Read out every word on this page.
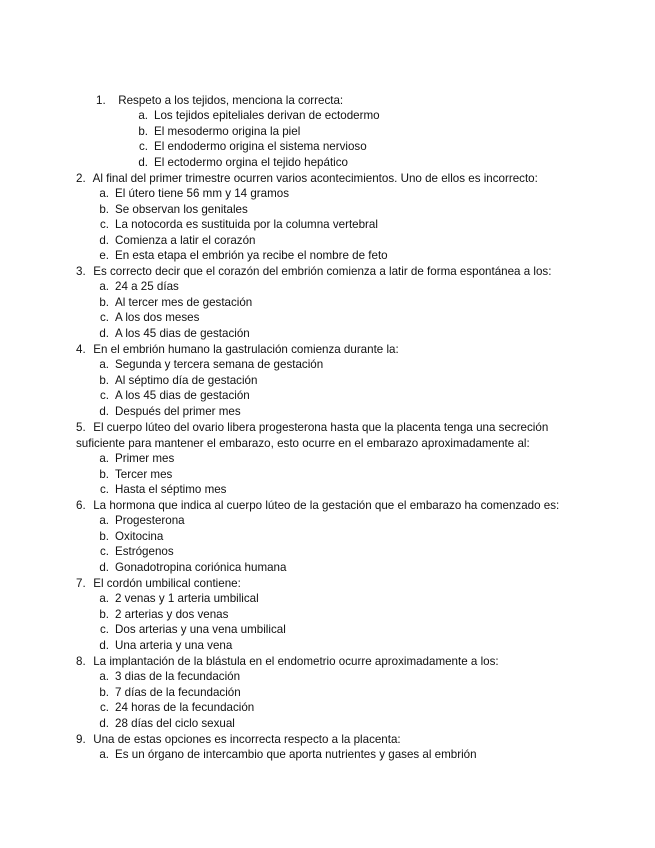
1. Respeto a los tejidos, menciona la correcta:

a. Los tejidos epiteliales derivan de ectodermo
b. El mesodermo origina la piel
c. El endodermo origina el sistema nervioso
d. El ectodermo orgina el tejido hepático

2. Al final del primer trimestre ocurren varios acontecimientos. Uno de ellos es incorrecto:

a. El útero tiene 56 mm y 14 gramos
b. Se observan los genitales
c. La notocorda es sustituida por la columna vertebral
d. Comienza a latir el corazón
e. En esta etapa el embrión ya recibe el nombre de feto

3. Es correcto decir que el corazón del embrión comienza a latir de forma espontánea a los:

a. 24 a 25 días
b. Al tercer mes de gestación
c. A los dos meses
d. A los 45 dias de gestación

4. En el embrión humano la gastrulación comienza durante la:

a. Segunda y tercera semana de gestación
b. Al séptimo día de gestación
c. A los 45 dias de gestación
d. Después del primer mes

5. El cuerpo lúteo del ovario libera progesterona hasta que la placenta tenga una secreción suficiente para mantener el embarazo, esto ocurre en el embarazo aproximadamente al:

a. Primer mes
b. Tercer mes
c. Hasta el séptimo mes

6. La hormona que indica al cuerpo lúteo de la gestación que el embarazo ha comenzado es:

a. Progesterona
b. Oxitocina
c. Estrógenos
d. Gonadotropina coriónica humana

7. El cordón umbilical contiene:

a. 2 venas y 1 arteria umbilical
b. 2 arterias y dos venas
c. Dos arterias y una vena umbilical
d. Una arteria y una vena

8. La implantación de la blástula en el endometrio ocurre aproximadamente a los:

a. 3 dias de la fecundación
b. 7 días de la fecundación
c. 24 horas de la fecundación
d. 28 días del ciclo sexual

9. Una de estas opciones es incorrecta respecto a la placenta:

a. Es un órgano de intercambio que aporta nutrientes y gases al embrión
